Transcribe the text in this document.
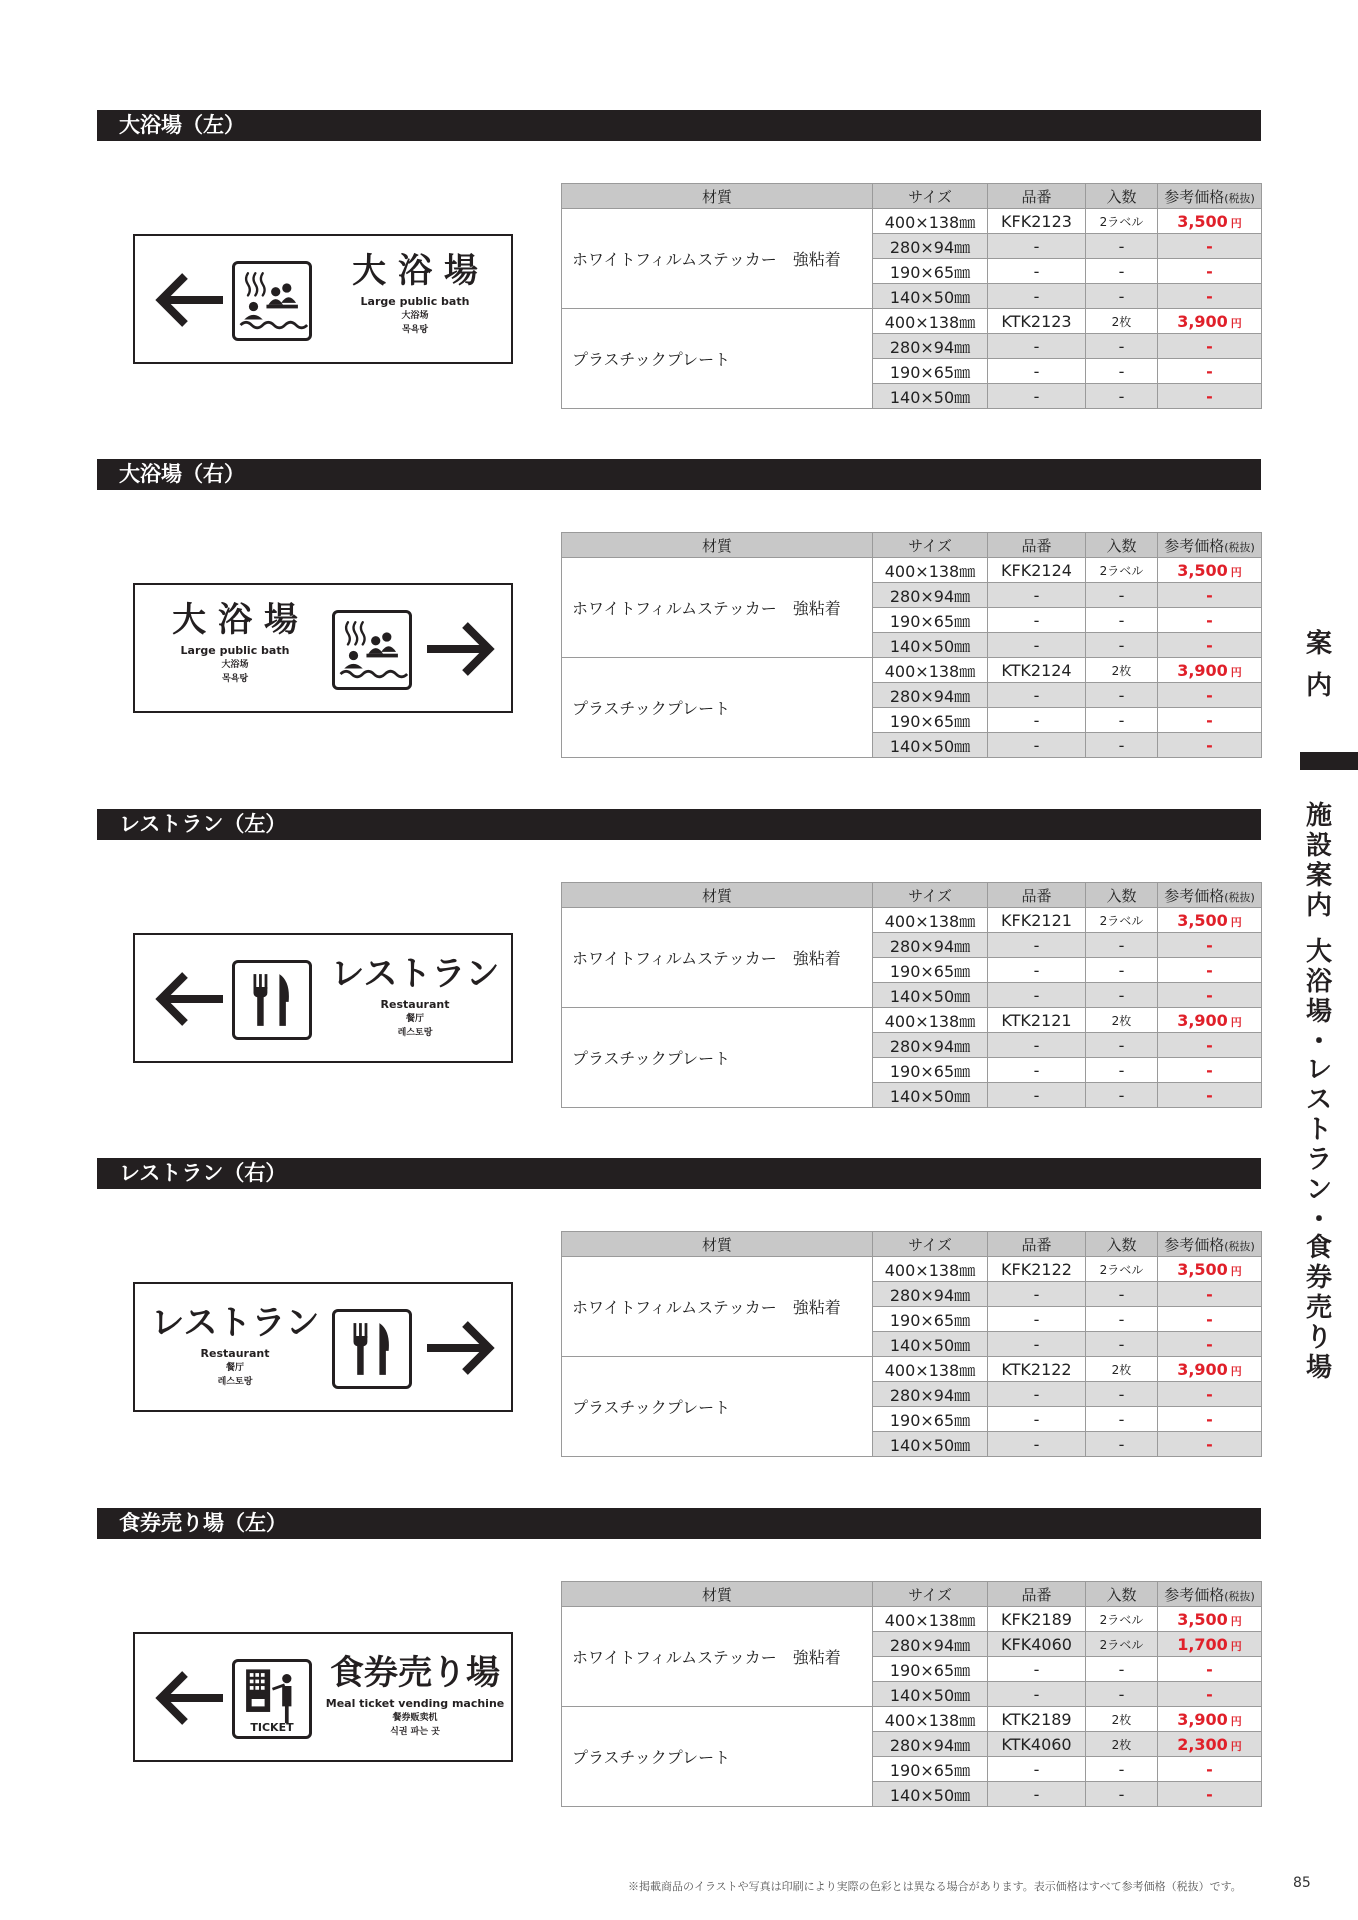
大浴場（左）
大 浴 場
Large public bath
大浴场
목욕탕
材質	サイズ	品番	入数	参考価格(税抜)
ホワイトフィルムステッカー　強粘着	400×138㎜	KFK2123	2ラベル	3,500 円
	280×94㎜	-	-	-
	190×65㎜	-	-	-
	140×50㎜	-	-	-
プラスチックプレート	400×138㎜	KTK2123	2枚	3,900 円
	280×94㎜	-	-	-
	190×65㎜	-	-	-
	140×50㎜	-	-	-
大浴場（右）
大 浴 場
Large public bath
大浴场
목욕탕
材質	サイズ	品番	入数	参考価格(税抜)
ホワイトフィルムステッカー　強粘着	400×138㎜	KFK2124	2ラベル	3,500 円
	280×94㎜	-	-	-
	190×65㎜	-	-	-
	140×50㎜	-	-	-
プラスチックプレート	400×138㎜	KTK2124	2枚	3,900 円
	280×94㎜	-	-	-
	190×65㎜	-	-	-
	140×50㎜	-	-	-
レストラン（左）
レストラン
Restaurant
餐厅
레스토랑
材質	サイズ	品番	入数	参考価格(税抜)
ホワイトフィルムステッカー　強粘着	400×138㎜	KFK2121	2ラベル	3,500 円
	280×94㎜	-	-	-
	190×65㎜	-	-	-
	140×50㎜	-	-	-
プラスチックプレート	400×138㎜	KTK2121	2枚	3,900 円
	280×94㎜	-	-	-
	190×65㎜	-	-	-
	140×50㎜	-	-	-
レストラン（右）
レストラン
Restaurant
餐厅
레스토랑
材質	サイズ	品番	入数	参考価格(税抜)
ホワイトフィルムステッカー　強粘着	400×138㎜	KFK2122	2ラベル	3,500 円
	280×94㎜	-	-	-
	190×65㎜	-	-	-
	140×50㎜	-	-	-
プラスチックプレート	400×138㎜	KTK2122	2枚	3,900 円
	280×94㎜	-	-	-
	190×65㎜	-	-	-
	140×50㎜	-	-	-
食券売り場（左）
TICKET
食券売り場
Meal ticket vending machine
餐券贩卖机
식권 파는 곳
材質	サイズ	品番	入数	参考価格(税抜)
ホワイトフィルムステッカー　強粘着	400×138㎜	KFK2189	2ラベル	3,500 円
	280×94㎜	KFK4060	2ラベル	1,700 円
	190×65㎜	-	-	-
	140×50㎜	-	-	-
プラスチックプレート	400×138㎜	KTK2189	2枚	3,900 円
	280×94㎜	KTK4060	2枚	2,300 円
	190×65㎜	-	-	-
	140×50㎜	-	-	-
案
内
施
設
案
内

大
浴
場
・
レ
ス
ト
ラ
ン
・
食
券
売
り
場
※掲載商品のイラストや写真は印刷により実際の色彩とは異なる場合があります。表示価格はすべて参考価格（税抜）です。	85
